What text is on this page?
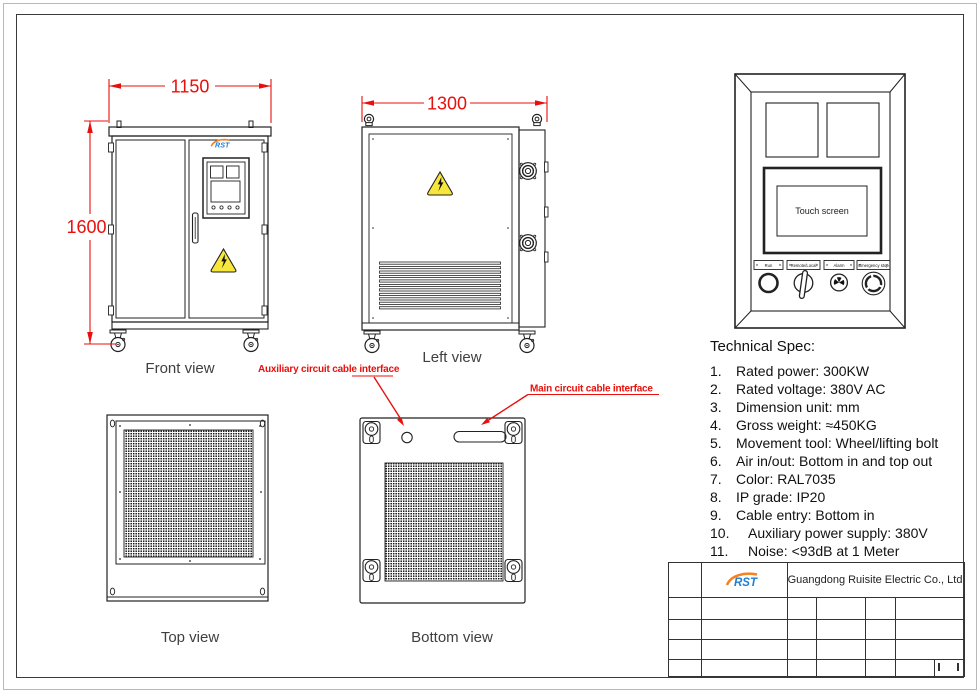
RST
1150
1600
1300
Touch screen
Run	Remote/Local	Alarm	Emergency stop
Auxiliary circuit cable interface
Main circuit cable interface
Front view
Left view
Top view	Bottom view
Technical Spec:
1.	Rated power: 300KW
2.	Rated voltage: 380V AC
3.	Dimension unit: mm
4.	Gross weight: ≈450KG
5.	Movement tool: Wheel/lifting bolt
6.	Air in/out: Bottom in and top out
7.	Color: RAL7035
8.	IP grade: IP20
9.	Cable entry: Bottom in
10.	Auxiliary power supply: 380V
11.	Noise: <93dB at 1 Meter
RST	Guangdong Ruisite Electric Co., Ltd
